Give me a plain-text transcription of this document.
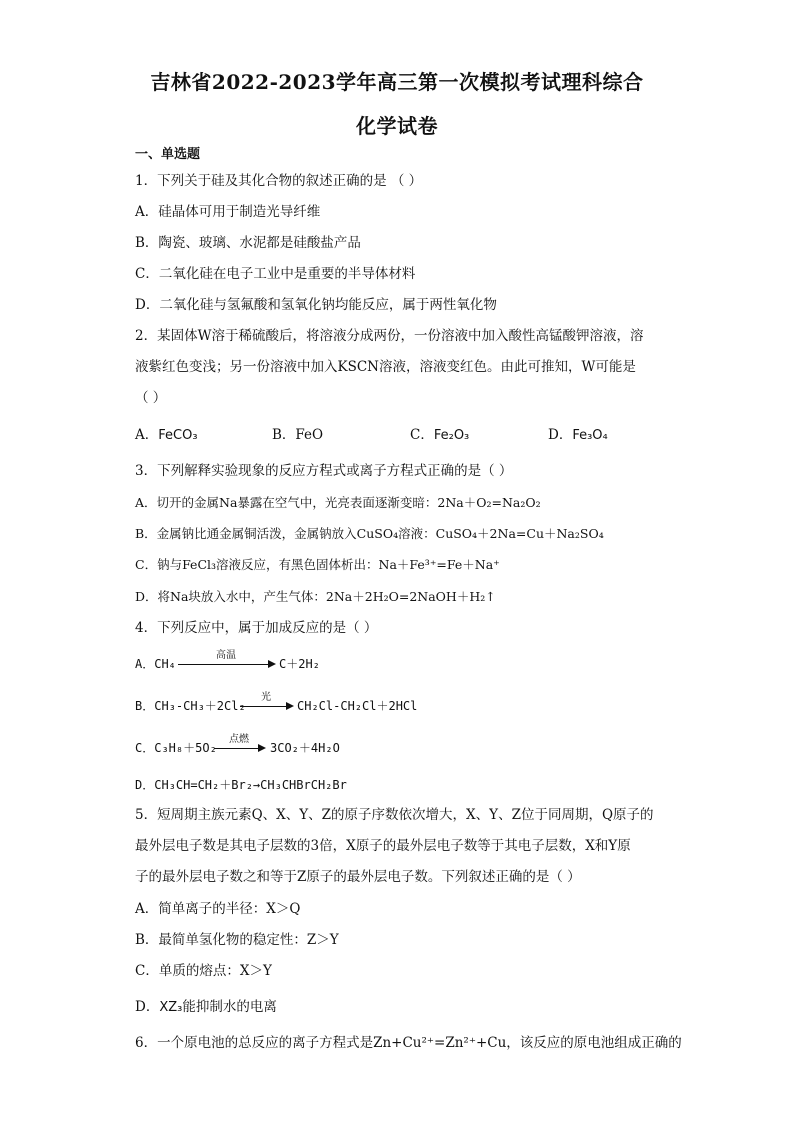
吉林省2022-2023学年高三第一次模拟考试理科综合
化学试卷
一、单选题
1．下列关于硅及其化合物的叙述正确的是 （ ）
A．硅晶体可用于制造光导纤维
B．陶瓷、玻璃、水泥都是硅酸盐产品
C．二氧化硅在电子工业中是重要的半导体材料
D．二氧化硅与氢氟酸和氢氧化钠均能反应，属于两性氧化物
2．某固体W溶于稀硫酸后，将溶液分成两份，一份溶液中加入酸性高锰酸钾溶液，溶
液紫红色变浅；另一份溶液中加入KSCN溶液，溶液变红色。由此可推知，W可能是
（ ）
A．FeCO₃	B．FeO	C．Fe₂O₃	D．Fe₃O₄
3．下列解释实验现象的反应方程式或离子方程式正确的是（ ）
A．切开的金属Na暴露在空气中，光亮表面逐渐变暗：2Na＋O₂=Na₂O₂
B．金属钠比通金属铜活泼，金属钠放入CuSO₄溶液：CuSO₄＋2Na=Cu＋Na₂SO₄
C．钠与FeCl₃溶液反应，有黑色固体析出：Na＋Fe³⁺=Fe＋Na⁺
D．将Na块放入水中，产生气体：2Na＋2H₂O=2NaOH＋H₂↑
4．下列反应中，属于加成反应的是（ ）
A．CH₄
高温
C＋2H₂
B．CH₃-CH₃＋2Cl₂
光
CH₂Cl-CH₂Cl＋2HCl
C．C₃H₈＋5O₂
点燃
3CO₂＋4H₂O
D．CH₃CH=CH₂＋Br₂→CH₃CHBrCH₂Br
5．短周期主族元素Q、X、Y、Z的原子序数依次增大，X、Y、Z位于同周期，Q原子的
最外层电子数是其电子层数的3倍，X原子的最外层电子数等于其电子层数，X和Y原
子的最外层电子数之和等于Z原子的最外层电子数。下列叙述正确的是（ ）
A．简单离子的半径：X＞Q
B．最简单氢化物的稳定性：Z＞Y
C．单质的熔点：X＞Y
D．XZ₃能抑制水的电离
6．一个原电池的总反应的离子方程式是Zn+Cu²⁺=Zn²⁺+Cu，该反应的原电池组成正确的
